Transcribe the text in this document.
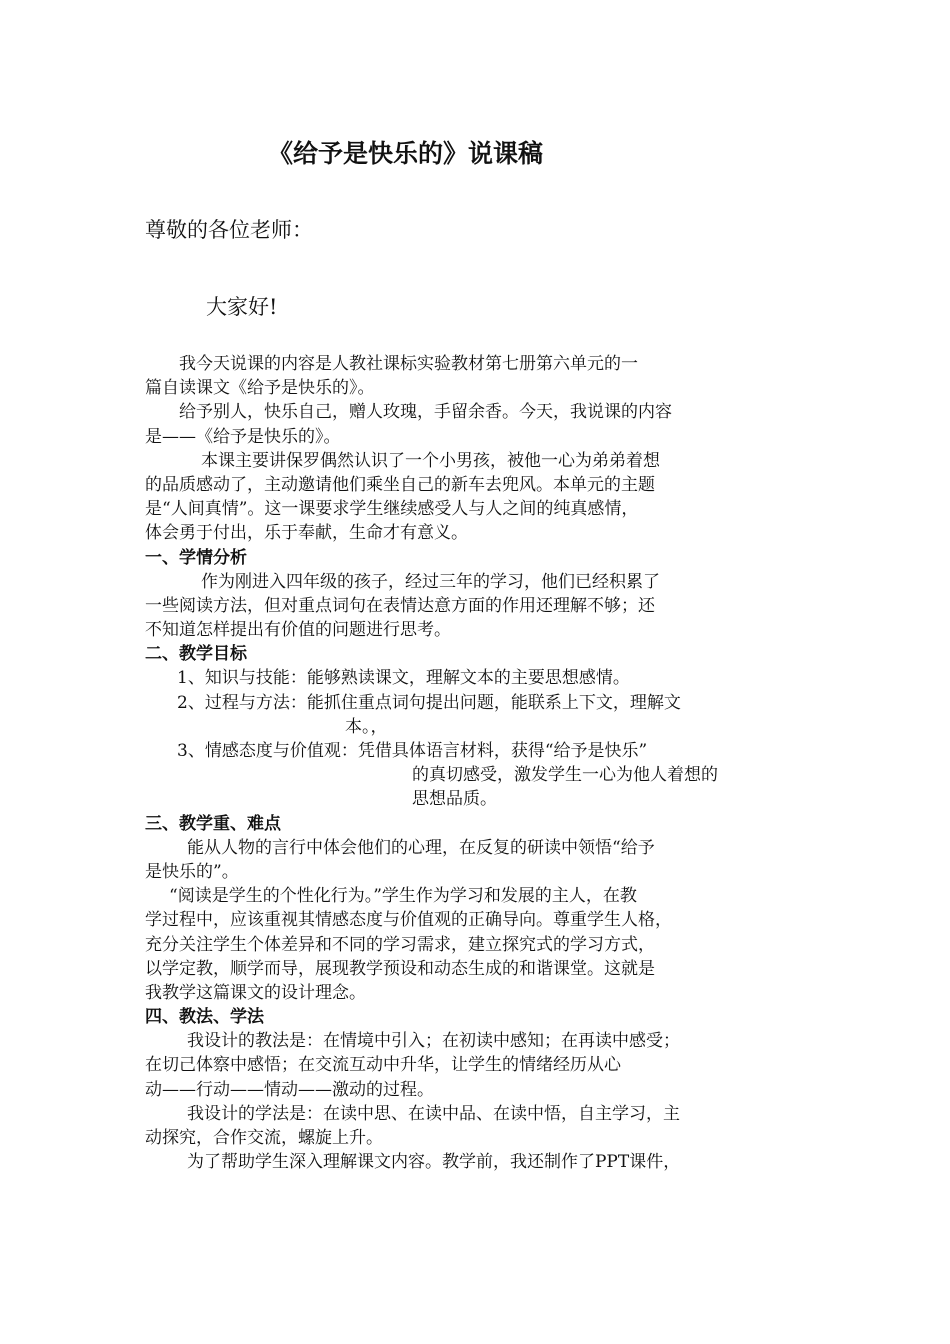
《给予是快乐的》说课稿
尊敬的各位老师：
大家好!
我今天说课的内容是人教社课标实验教材第七册第六单元的一
篇自读课文《给予是快乐的》。
给予别人，快乐自己，赠人玫瑰，手留余香。今天，我说课的内容
是——《给予是快乐的》。
本课主要讲保罗偶然认识了一个小男孩，被他一心为弟弟着想
的品质感动了，主动邀请他们乘坐自己的新车去兜风。本单元的主题
是“人间真情”。这一课要求学生继续感受人与人之间的纯真感情，
体会勇于付出，乐于奉献，生命才有意义。
一、学情分析
作为刚进入四年级的孩子，经过三年的学习，他们已经积累了
一些阅读方法，但对重点词句在表情达意方面的作用还理解不够；还
不知道怎样提出有价值的问题进行思考。
二、教学目标
1、知识与技能：能够熟读课文，理解文本的主要思想感情。
2、过程与方法：能抓住重点词句提出问题，能联系上下文，理解文
本。，
3、情感态度与价值观：凭借具体语言材料，获得“给予是快乐”
的真切感受，激发学生一心为他人着想的
思想品质。
三、教学重、难点
能从人物的言行中体会他们的心理，在反复的研读中领悟“给予
是快乐的”。
“阅读是学生的个性化行为。”学生作为学习和发展的主人，在教
学过程中，应该重视其情感态度与价值观的正确导向。尊重学生人格，
充分关注学生个体差异和不同的学习需求，建立探究式的学习方式，
以学定教，顺学而导，展现教学预设和动态生成的和谐课堂。这就是
我教学这篇课文的设计理念。
四、教法、学法
我设计的教法是：在情境中引入；在初读中感知；在再读中感受；
在切己体察中感悟；在交流互动中升华，让学生的情绪经历从心
动——行动——情动——激动的过程。
我设计的学法是：在读中思、在读中品、在读中悟，自主学习，主
动探究，合作交流，螺旋上升。
为了帮助学生深入理解课文内容。教学前，我还制作了PPT课件，
